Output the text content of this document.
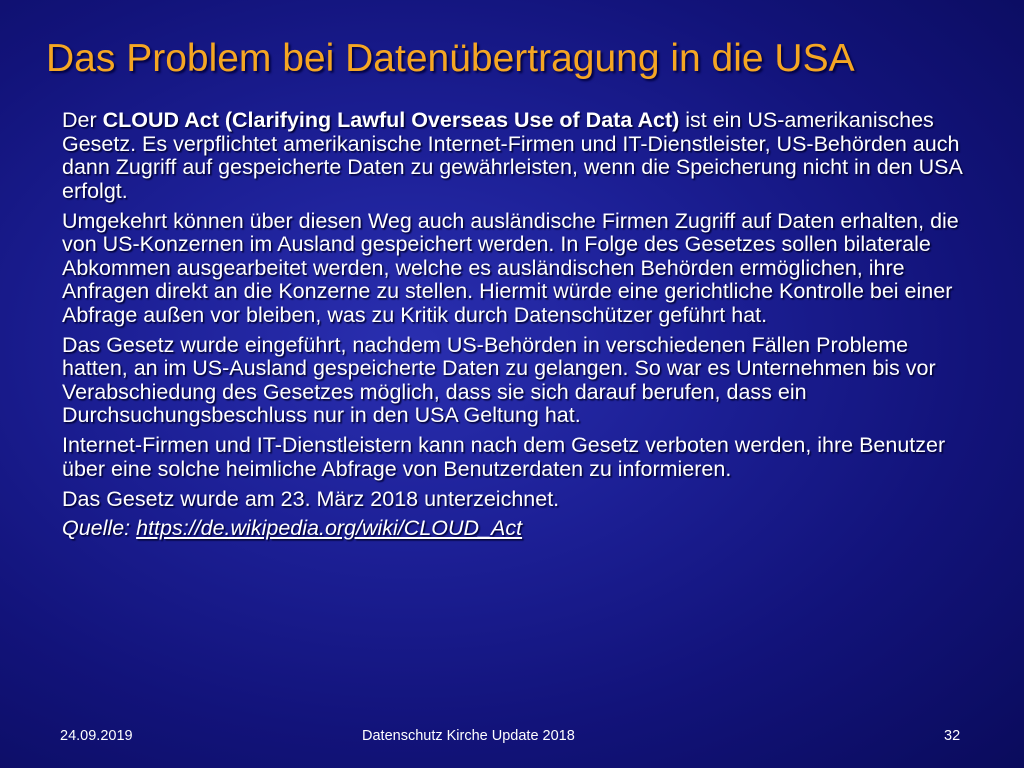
Das Problem bei Datenübertragung in die USA

Der CLOUD Act (Clarifying Lawful Overseas Use of Data Act) ist ein US-amerikanisches Gesetz. Es verpflichtet amerikanische Internet-Firmen und IT-Dienstleister, US-Behörden auch dann Zugriff auf gespeicherte Daten zu gewährleisten, wenn die Speicherung nicht in den USA erfolgt.

Umgekehrt können über diesen Weg auch ausländische Firmen Zugriff auf Daten erhalten, die von US-Konzernen im Ausland gespeichert werden. In Folge des Gesetzes sollen bilaterale Abkommen ausgearbeitet werden, welche es ausländischen Behörden ermöglichen, ihre Anfragen direkt an die Konzerne zu stellen. Hiermit würde eine gerichtliche Kontrolle bei einer Abfrage außen vor bleiben, was zu Kritik durch Datenschützer geführt hat.

Das Gesetz wurde eingeführt, nachdem US-Behörden in verschiedenen Fällen Probleme hatten, an im US-Ausland gespeicherte Daten zu gelangen. So war es Unternehmen bis vor Verabschiedung des Gesetzes möglich, dass sie sich darauf berufen, dass ein Durchsuchungsbeschluss nur in den USA Geltung hat.

Internet-Firmen und IT-Dienstleistern kann nach dem Gesetz verboten werden, ihre Benutzer über eine solche heimliche Abfrage von Benutzerdaten zu informieren.

Das Gesetz wurde am 23. März 2018 unterzeichnet.

Quelle: https://de.wikipedia.org/wiki/CLOUD_Act
24.09.2019	Datenschutz Kirche Update 2018	32
